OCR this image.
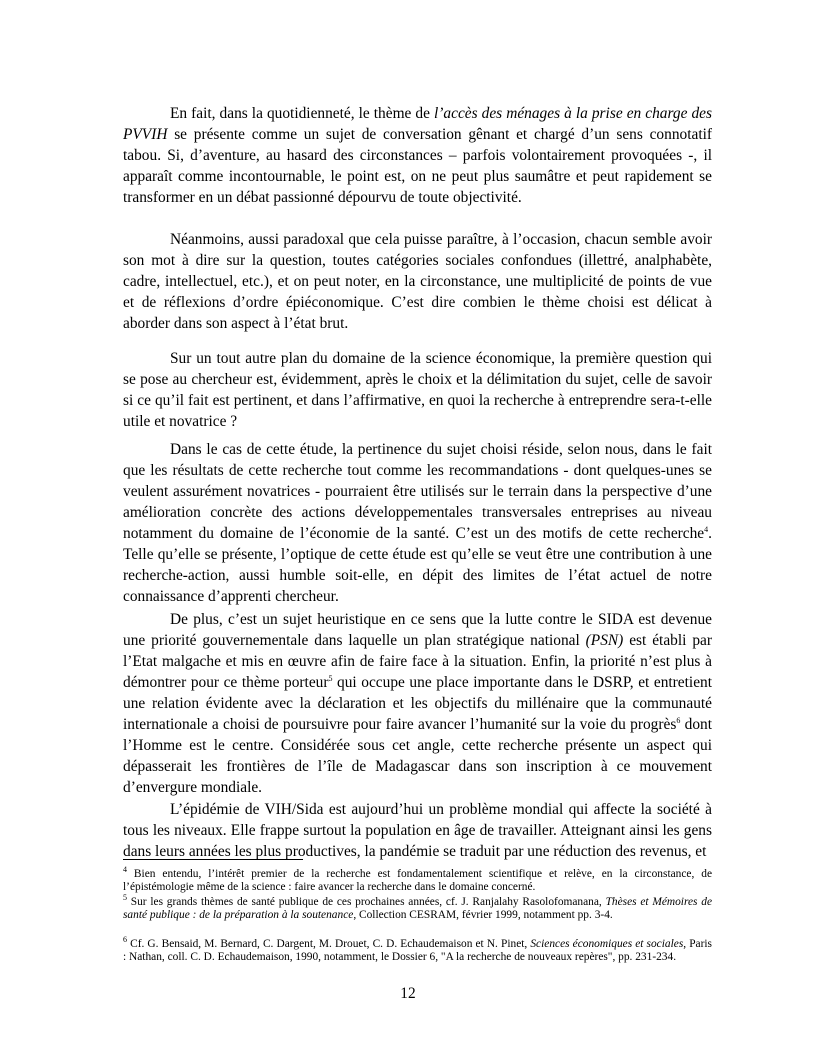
En fait, dans la quotidienneté, le thème de l’accès des ménages à la prise en charge des PVVIH se présente comme un sujet de conversation gênant et chargé d’un sens connotatif tabou. Si, d’aventure, au hasard des circonstances – parfois volontairement provoquées -, il apparaît comme incontournable, le point est, on ne peut plus saumâtre et peut rapidement se transformer en un débat passionné dépourvu de toute objectivité.

Néanmoins, aussi paradoxal que cela puisse paraître, à l’occasion, chacun semble avoir son mot à dire sur la question, toutes catégories sociales confondues (illettré, analphabète, cadre, intellectuel, etc.), et on peut noter, en la circonstance, une multiplicité de points de vue et de réflexions d’ordre épiéconomique. C’est dire combien le thème choisi est délicat à aborder dans son aspect à l’état brut.

Sur un tout autre plan du domaine de la science économique, la première question qui se pose au chercheur est, évidemment, après le choix et la délimitation du sujet, celle de savoir si ce qu’il fait est pertinent, et dans l’affirmative, en quoi la recherche à entreprendre sera-t-elle utile et novatrice ?

Dans le cas de cette étude, la pertinence du sujet choisi réside, selon nous, dans le fait que les résultats de cette recherche tout comme les recommandations - dont quelques-unes se veulent assurément novatrices - pourraient être utilisés sur le terrain dans la perspective d’une amélioration concrète des actions développementales transversales entreprises au niveau notamment du domaine de l’économie de la santé. C’est un des motifs de cette recherche$^4$. Telle qu’elle se présente, l’optique de cette étude est qu’elle se veut être une contribution à une recherche-action, aussi humble soit-elle, en dépit des limites de l’état actuel de notre connaissance d’apprenti chercheur.

De plus, c’est un sujet heuristique en ce sens que la lutte contre le SIDA est devenue une priorité gouvernementale dans laquelle un plan stratégique national (PSN) est établi par l’Etat malgache et mis en œuvre afin de faire face à la situation. Enfin, la priorité n’est plus à démontrer pour ce thème porteur$^5$ qui occupe une place importante dans le DSRP, et entretient une relation évidente avec la déclaration et les objectifs du millénaire que la communauté internationale a choisi de poursuivre pour faire avancer l’humanité sur la voie du progrès$^6$ dont l’Homme est le centre. Considérée sous cet angle, cette recherche présente un aspect qui dépasserait les frontières de l’île de Madagascar dans son inscription à ce mouvement d’envergure mondiale.

L’épidémie de VIH/Sida est aujourd’hui un problème mondial qui affecte la société à tous les niveaux. Elle frappe surtout la population en âge de travailler. Atteignant ainsi les gens dans leurs années les plus productives, la pandémie se traduit par une réduction des revenus, et

$^4$ Bien entendu, l’intérêt premier de la recherche est fondamentalement scientifique et relève, en la circonstance, de l’épistémologie même de la science : faire avancer la recherche dans le domaine concerné.

$^5$ Sur les grands thèmes de santé publique de ces prochaines années, cf. J. Ranjalahy Rasolofomanana, Thèses et Mémoires de santé publique : de la préparation à la soutenance, Collection CESRAM, février 1999, notamment pp. 3-4.

$^6$ Cf. G. Bensaid, M. Bernard, C. Dargent, M. Drouet, C. D. Echaudemaison et N. Pinet, Sciences économiques et sociales, Paris : Nathan, coll. C. D. Echaudemaison, 1990, notamment, le Dossier 6, "A la recherche de nouveaux repères", pp. 231-234.

12
